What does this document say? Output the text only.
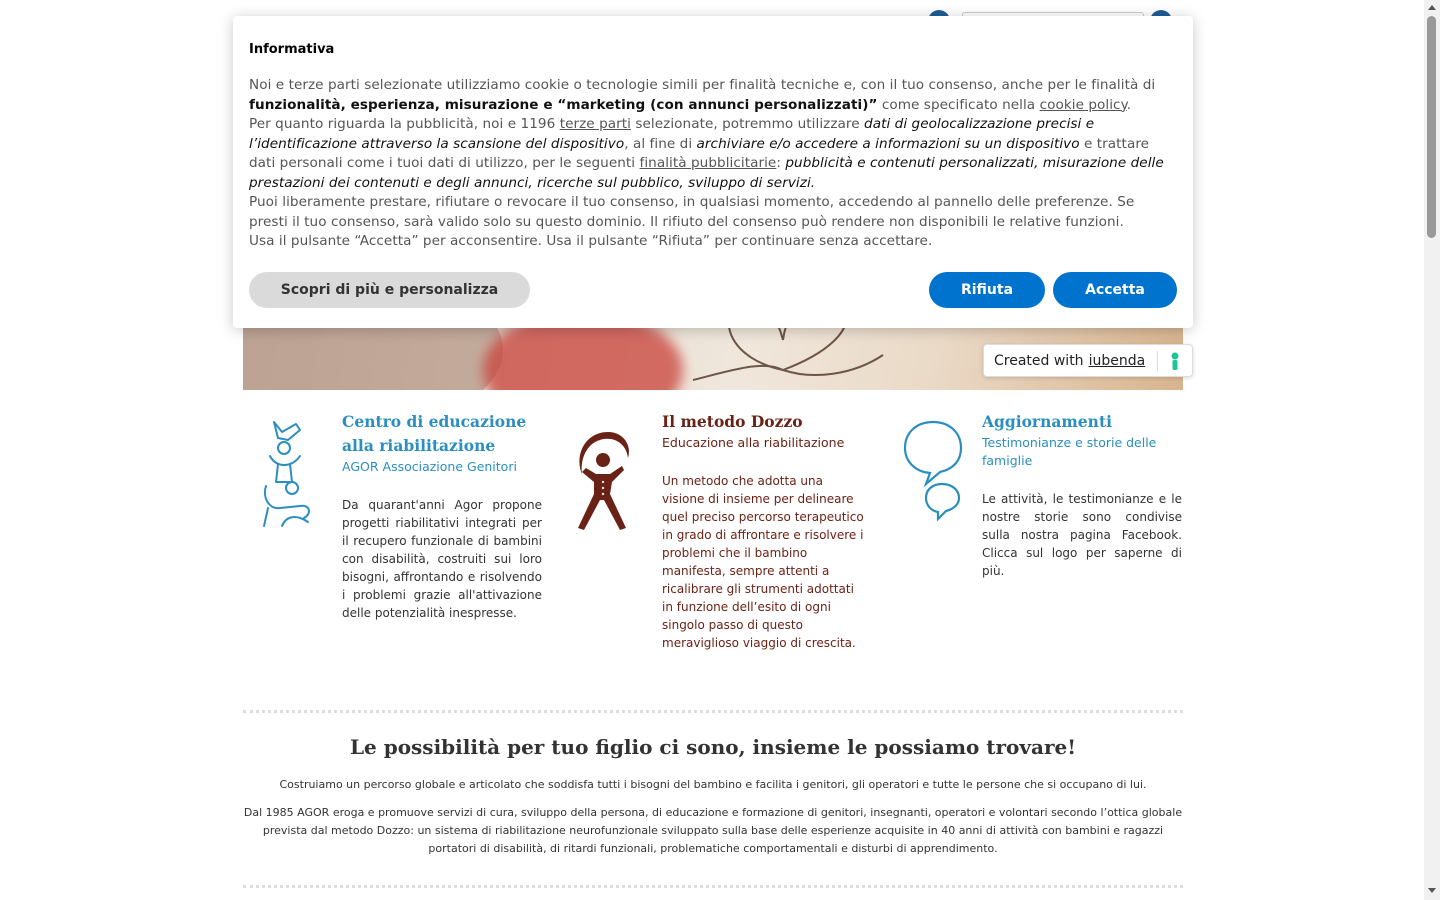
Centro di educazione alla riabilitazione
AGOR Associazione Genitori
Da quarant'anni Agor propone progetti riabilitativi integrati per il recupero funzionale di bambini con disabilità, costruiti sui loro bisogni, affrontando e risolvendo i problemi grazie all'attivazione delle potenzialità inespresse.
Il metodo Dozzo
Educazione alla riabilitazione
Un metodo che adotta una visione di insieme per delineare quel preciso percorso terapeutico in grado di affrontare e risolvere i problemi che il bambino manifesta, sempre attenti a ricalibrare gli strumenti adottati in funzione dell’esito di ogni singolo passo di questo meraviglioso viaggio di crescita.
Aggiornamenti
Testimonianze e storie delle famiglie
Le attività, le testimonianze e le nostre storie sono condivise sulla nostra pagina Facebook. Clicca sul logo per saperne di più.
Le possibilità per tuo figlio ci sono, insieme le possiamo trovare!

Costruiamo un percorso globale e articolato che soddisfa tutti i bisogni del bambino e facilita i genitori, gli operatori e tutte le persone che si occupano di lui.

Dal 1985 AGOR eroga e promuove servizi di cura, sviluppo della persona, di educazione e formazione di genitori, insegnanti, operatori e volontari secondo l’ottica globale prevista dal metodo Dozzo: un sistema di riabilitazione neurofunzionale sviluppato sulla base delle esperienze acquisite in 40 anni di attività con bambini e ragazzi portatori di disabilità, di ritardi funzionali, problematiche comportamentali e disturbi di apprendimento.

Informativa
Noi e terze parti selezionate utilizziamo cookie o tecnologie simili per finalità tecniche e, con il tuo consenso, anche per le finalità di funzionalità, esperienza, misurazione e “marketing (con annunci personalizzati)” come specificato nella cookie policy.
Per quanto riguarda la pubblicità, noi e 1196 terze parti selezionate, potremmo utilizzare dati di geolocalizzazione precisi e l’identificazione attraverso la scansione del dispositivo, al fine di archiviare e/o accedere a informazioni su un dispositivo e trattare dati personali come i tuoi dati di utilizzo, per le seguenti finalità pubblicitarie: pubblicità e contenuti personalizzati, misurazione delle prestazioni dei contenuti e degli annunci, ricerche sul pubblico, sviluppo di servizi.
Puoi liberamente prestare, rifiutare o revocare il tuo consenso, in qualsiasi momento, accedendo al pannello delle preferenze. Se presti il tuo consenso, sarà valido solo su questo dominio. Il rifiuto del consenso può rendere non disponibili le relative funzioni.
Usa il pulsante “Accetta” per acconsentire. Usa il pulsante “Rifiuta” per continuare senza accettare.
Scopri di più e personalizza	Rifiuta	Accetta
Created with iubenda
